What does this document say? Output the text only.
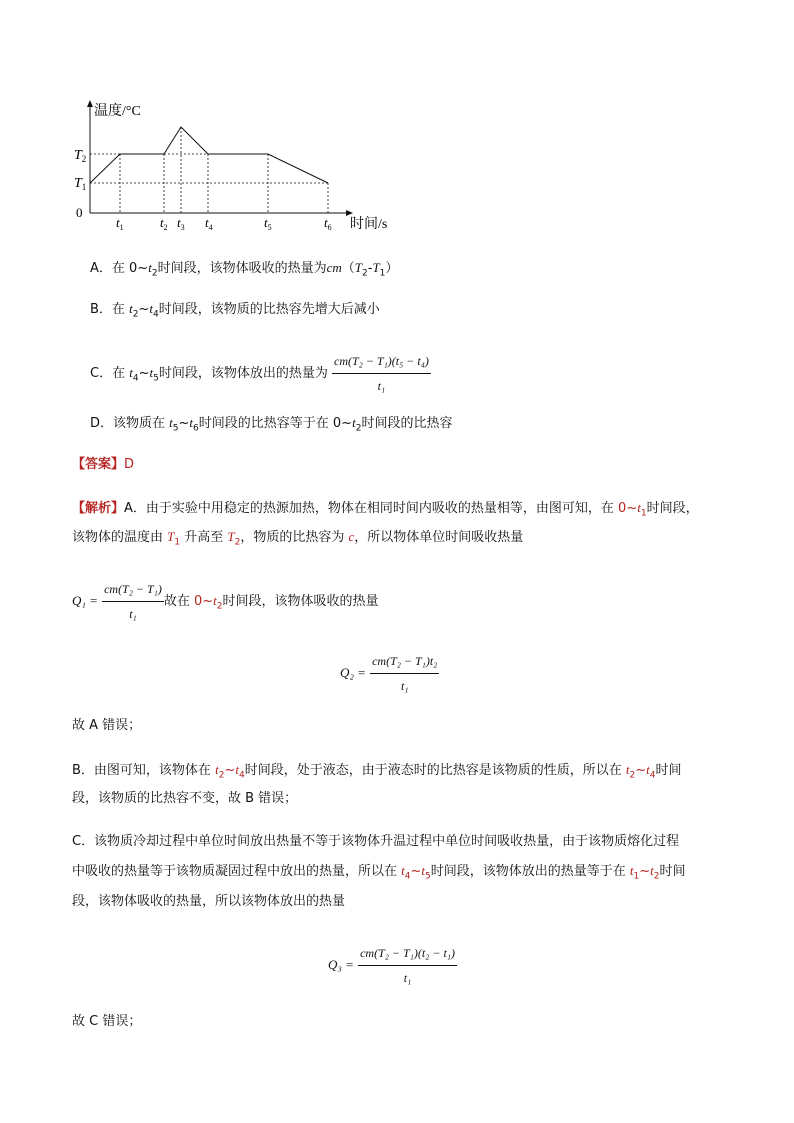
温度/°C
时间/s
0
$T_2$
$T_1$
$t_1$	$t_2$ $t_3$ $t_4$	$t_5$	$t_6$
A．在 $0\sim t_2$时间段，该物体吸收的热量为$cm(T_2-T_1)$
B．在 $t_2\sim t_4$时间段，该物质的比热容先增大后减小
C．在 $t_4\sim t_5$时间段，该物体放出的热量为 $\frac{\text{cm(T₂ − T₁)(t₅ − t₄)}}{\text{t₁}}$
D．该物质在 $t_5\sim t_6$时间段的比热容等于在 $0\sim t_2$时间段的比热容
【答案】D
【解析】A．由于实验中用稳定的热源加热，物体在相同时间内吸收的热量相等，由图可知，在 $0\sim t_1$时间段，
该物体的温度由 $T_1$ 升高至 $T_2$，物质的比热容为 c，所以物体单位时间吸收热量
$Q_1 = \frac{\text{cm(T₂ − T₁)}}{\text{t₁}}$ 故在 $0\sim t_2$时间段，该物体吸收的热量
$Q_2 = \frac{\text{cm(T₂ − T₁)t₂}}{\text{t₁}}$
故 A 错误；
B．由图可知，该物体在 $t_2\sim t_4$时间段，处于液态，由于液态时的比热容是该物质的性质，所以在 $t_2\sim t_4$时间
段，该物质的比热容不变，故 B 错误；
C．该物质冷却过程中单位时间放出热量不等于该物体升温过程中单位时间吸收热量，由于该物质熔化过程
中吸收的热量等于该物质凝固过程中放出的热量，所以在 $t_4\sim t_5$时间段，该物体放出的热量等于在 $t_1\sim t_2$时间
段，该物体吸收的热量，所以该物体放出的热量
$Q_3 = \frac{\text{cm(T₂ − T₁)(t₂ − t₁)}}{\text{t₁}}$
故 C 错误；
